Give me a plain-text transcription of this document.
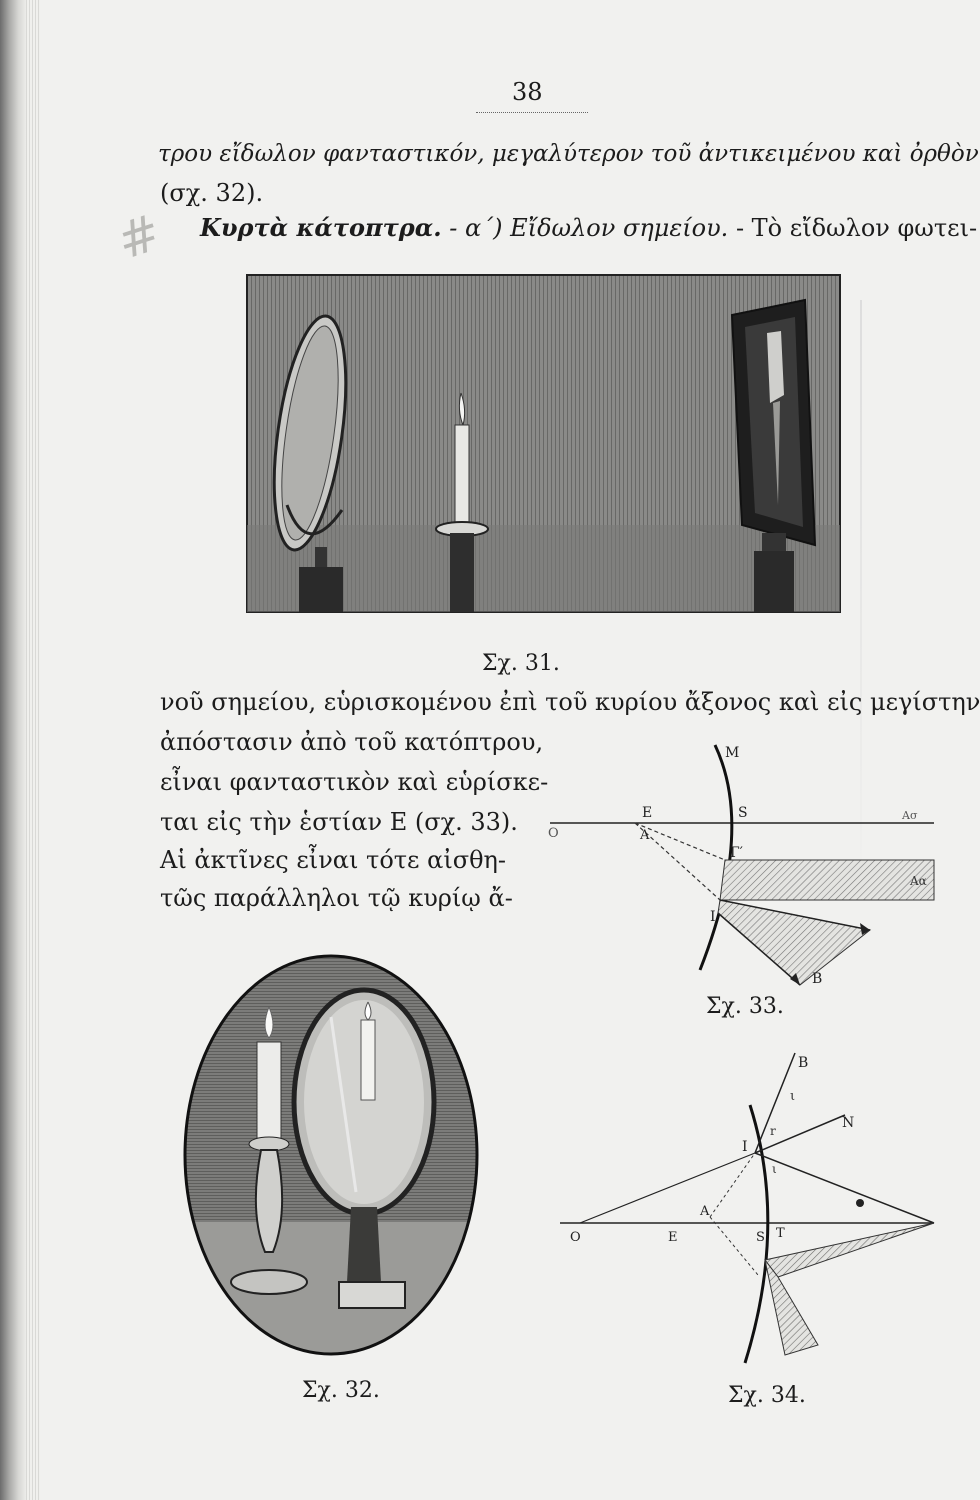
38
#
τρου εἴδωλον φανταστικόν, μεγαλύτερον τοῦ ἀντικειμένου καὶ ὀρθὸν
(σχ. 32).
Κυρτὰ κάτοπτρα. - α΄) Εἴδωλον σημείου. - Τὸ εἴδωλον φωτει-
Σχ. 31.
νοῦ σημείου, εὑρισκομένου ἐπὶ τοῦ κυρίου ἄξονος καὶ εἰς μεγίστην
ἀπόστασιν ἀπὸ τοῦ κατόπτρου,
εἶναι φανταστικὸν καὶ εὑρίσκε-
ται εἰς τὴν ἑστίαν Ε (σχ. 33).
Αἱ ἀκτῖνες εἶναι τότε αἰσθη-
τῶς παράλληλοι τῷ κυρίῳ ἄ-
M
E	S
A
Γ′
I
B
O
Ασ
Αα
Σχ. 33.
Σχ. 32.
B
ι
r	N
I
ι
A
O	E	S T
Σχ. 34.
